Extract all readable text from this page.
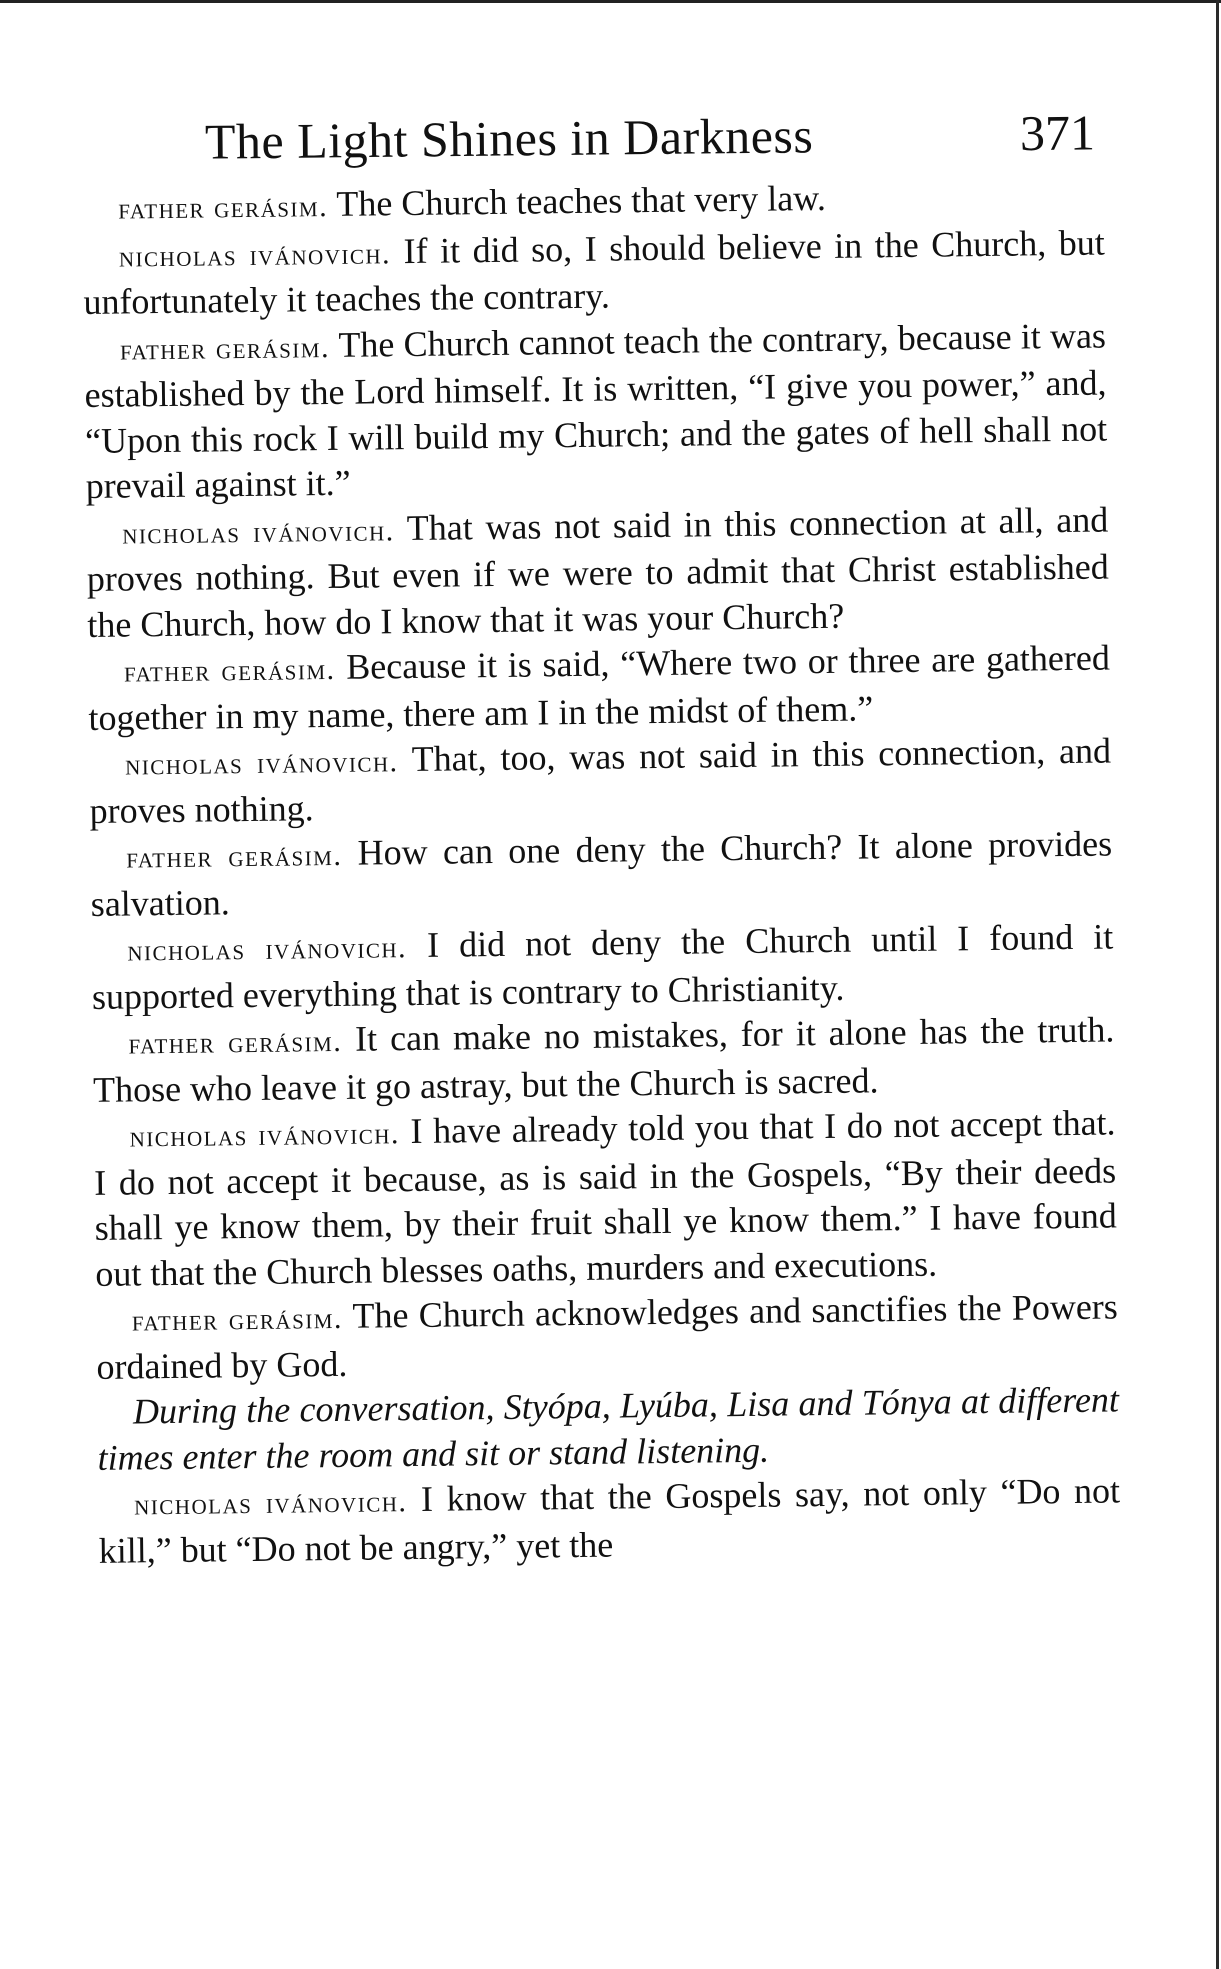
The Light Shines in Darkness	371

father gerásim. The Church teaches that very law.

nicholas ivánovich. If it did so, I should believe in the Church, but unfortunately it teaches the contrary.

father gerásim. The Church cannot teach the contrary, because it was established by the Lord himself. It is written, “I give you power,” and, “Upon this rock I will build my Church; and the gates of hell shall not prevail against it.”

nicholas ivánovich. That was not said in this connection at all, and proves nothing. But even if we were to admit that Christ established the Church, how do I know that it was your Church?

father gerásim. Because it is said, “Where two or three are gathered together in my name, there am I in the midst of them.”

nicholas ivánovich. That, too, was not said in this connection, and proves nothing.

father gerásim. How can one deny the Church? It alone provides salvation.

nicholas ivánovich. I did not deny the Church until I found it supported everything that is contrary to Christianity.

father gerásim. It can make no mistakes, for it alone has the truth. Those who leave it go astray, but the Church is sacred.

nicholas ivánovich. I have already told you that I do not accept that. I do not accept it because, as is said in the Gospels, “By their deeds shall ye know them, by their fruit shall ye know them.” I have found out that the Church blesses oaths, murders and executions.

father gerásim. The Church acknowledges and sanctifies the Powers ordained by God.

During the conversation, Styópa, Lyúba, Lisa and Tónya at different times enter the room and sit or stand listening.

nicholas ivánovich. I know that the Gospels say, not only “Do not kill,” but “Do not be angry,” yet the
